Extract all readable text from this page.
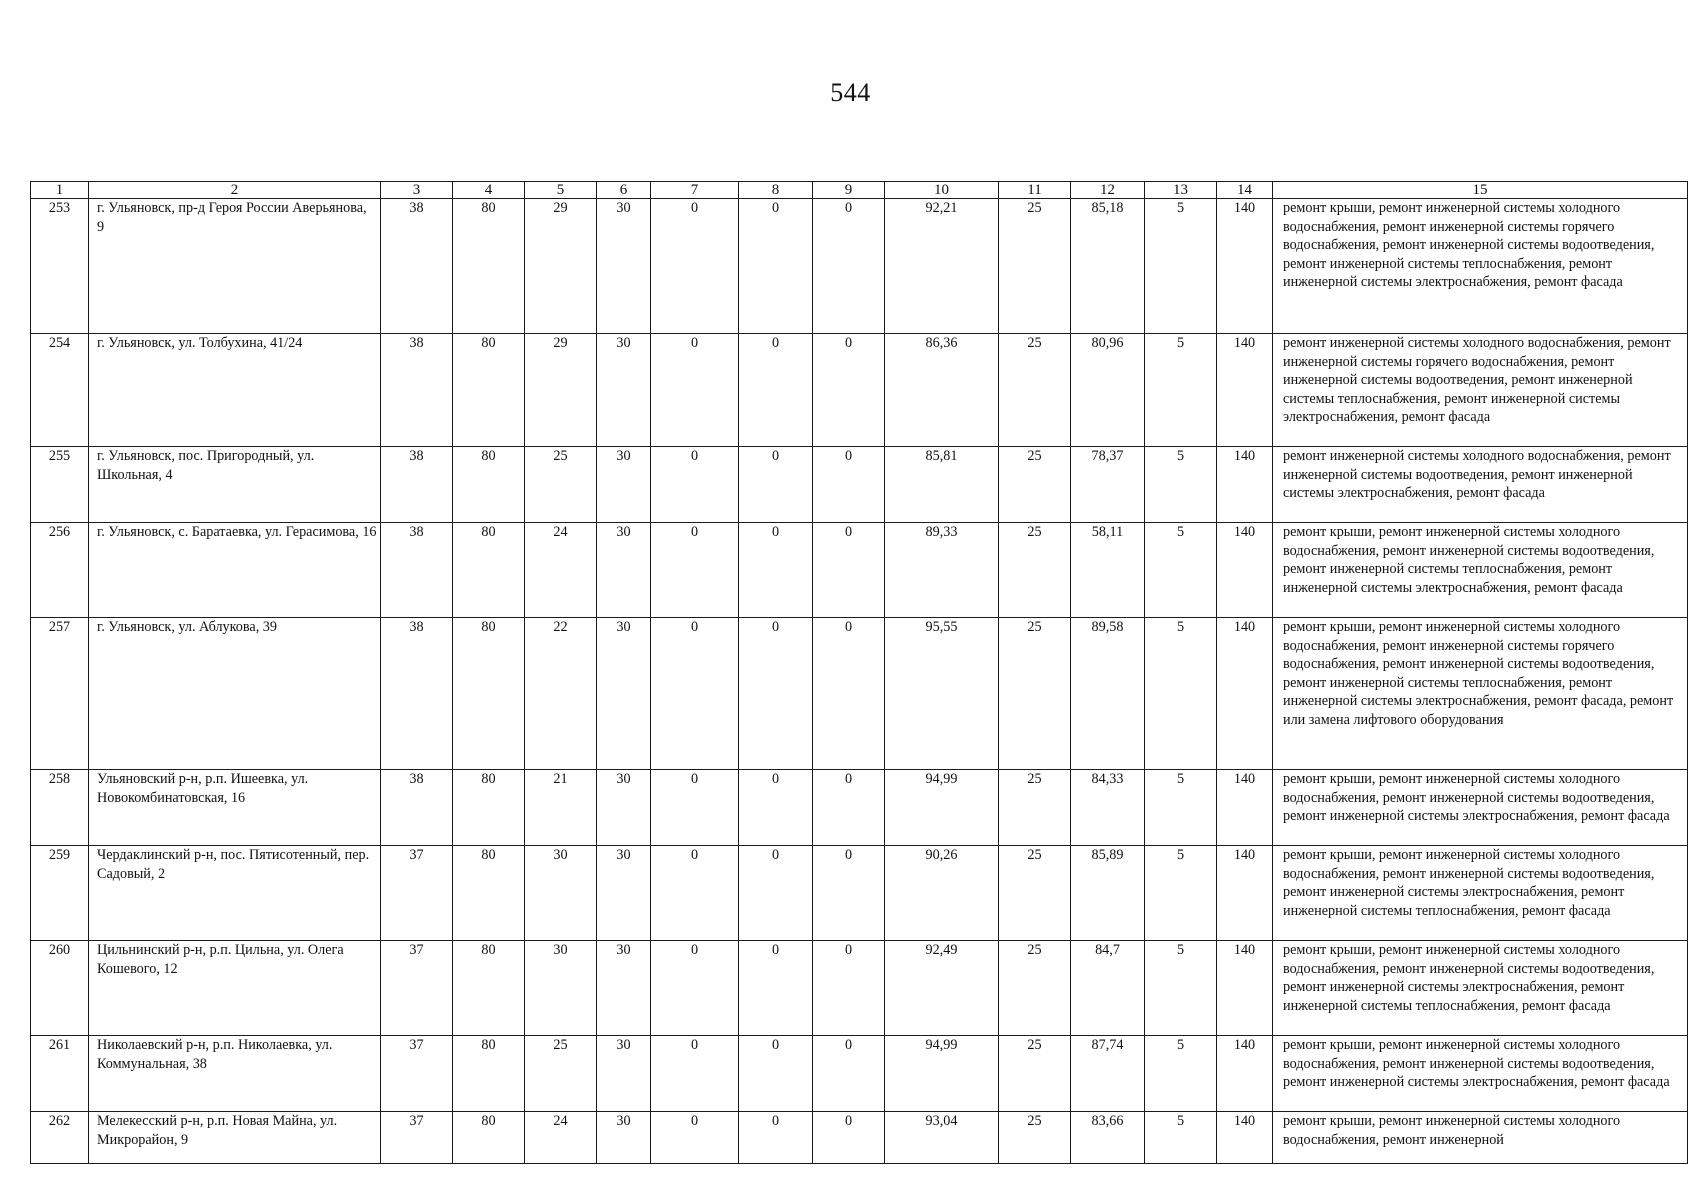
544
1	2	3	4	5	6	7	8	9	10	11	12	13	14	15
253	г. Ульяновск, пр-д Героя России Аверьянова, 9	38	80	29	30	0	0	0	92,21	25	85,18	5	140	ремонт крыши, ремонт инженерной системы холодного водоснабжения, ремонт инженерной системы горячего водоснабжения, ремонт инженерной системы водоотведения, ремонт инженерной системы теплоснабжения, ремонт инженерной системы электроснабжения, ремонт фасада
254	г. Ульяновск, ул. Толбухина, 41/24	38	80	29	30	0	0	0	86,36	25	80,96	5	140	ремонт инженерной системы холодного водоснабжения, ремонт инженерной системы горячего водоснабжения, ремонт инженерной системы водоотведения, ремонт инженерной системы теплоснабжения, ремонт инженерной системы электроснабжения, ремонт фасада
255	г. Ульяновск, пос. Пригородный, ул. Школьная, 4	38	80	25	30	0	0	0	85,81	25	78,37	5	140	ремонт инженерной системы холодного водоснабжения, ремонт инженерной системы водоотведения, ремонт инженерной системы электроснабжения, ремонт фасада
256	г. Ульяновск, с. Баратаевка, ул. Герасимова, 16	38	80	24	30	0	0	0	89,33	25	58,11	5	140	ремонт крыши, ремонт инженерной системы холодного водоснабжения, ремонт инженерной системы водоотведения, ремонт инженерной системы теплоснабжения, ремонт инженерной системы электроснабжения, ремонт фасада
257	г. Ульяновск, ул. Аблукова, 39	38	80	22	30	0	0	0	95,55	25	89,58	5	140	ремонт крыши, ремонт инженерной системы холодного водоснабжения, ремонт инженерной системы горячего водоснабжения, ремонт инженерной системы водоотведения, ремонт инженерной системы теплоснабжения, ремонт инженерной системы электроснабжения, ремонт фасада, ремонт или замена лифтового оборудования
258	Ульяновский р-н, р.п. Ишеевка, ул. Новокомбинатовская, 16	38	80	21	30	0	0	0	94,99	25	84,33	5	140	ремонт крыши, ремонт инженерной системы холодного водоснабжения, ремонт инженерной системы водоотведения, ремонт инженерной системы электроснабжения, ремонт фасада
259	Чердаклинский р-н, пос. Пятисотенный, пер. Садовый, 2	37	80	30	30	0	0	0	90,26	25	85,89	5	140	ремонт крыши, ремонт инженерной системы холодного водоснабжения, ремонт инженерной системы водоотведения, ремонт инженерной системы электроснабжения, ремонт инженерной системы теплоснабжения, ремонт фасада
260	Цильнинский р-н, р.п. Цильна, ул. Олега Кошевого, 12	37	80	30	30	0	0	0	92,49	25	84,7	5	140	ремонт крыши, ремонт инженерной системы холодного водоснабжения, ремонт инженерной системы водоотведения, ремонт инженерной системы электроснабжения, ремонт инженерной системы теплоснабжения, ремонт фасада
261	Николаевский р-н, р.п. Николаевка, ул. Коммунальная, 38	37	80	25	30	0	0	0	94,99	25	87,74	5	140	ремонт крыши, ремонт инженерной системы холодного водоснабжения, ремонт инженерной системы водоотведения, ремонт инженерной системы электроснабжения, ремонт фасада
262	Мелекесский р-н, р.п. Новая Майна, ул. Микрорайон, 9	37	80	24	30	0	0	0	93,04	25	83,66	5	140	ремонт крыши, ремонт инженерной системы холодного водоснабжения, ремонт инженерной
